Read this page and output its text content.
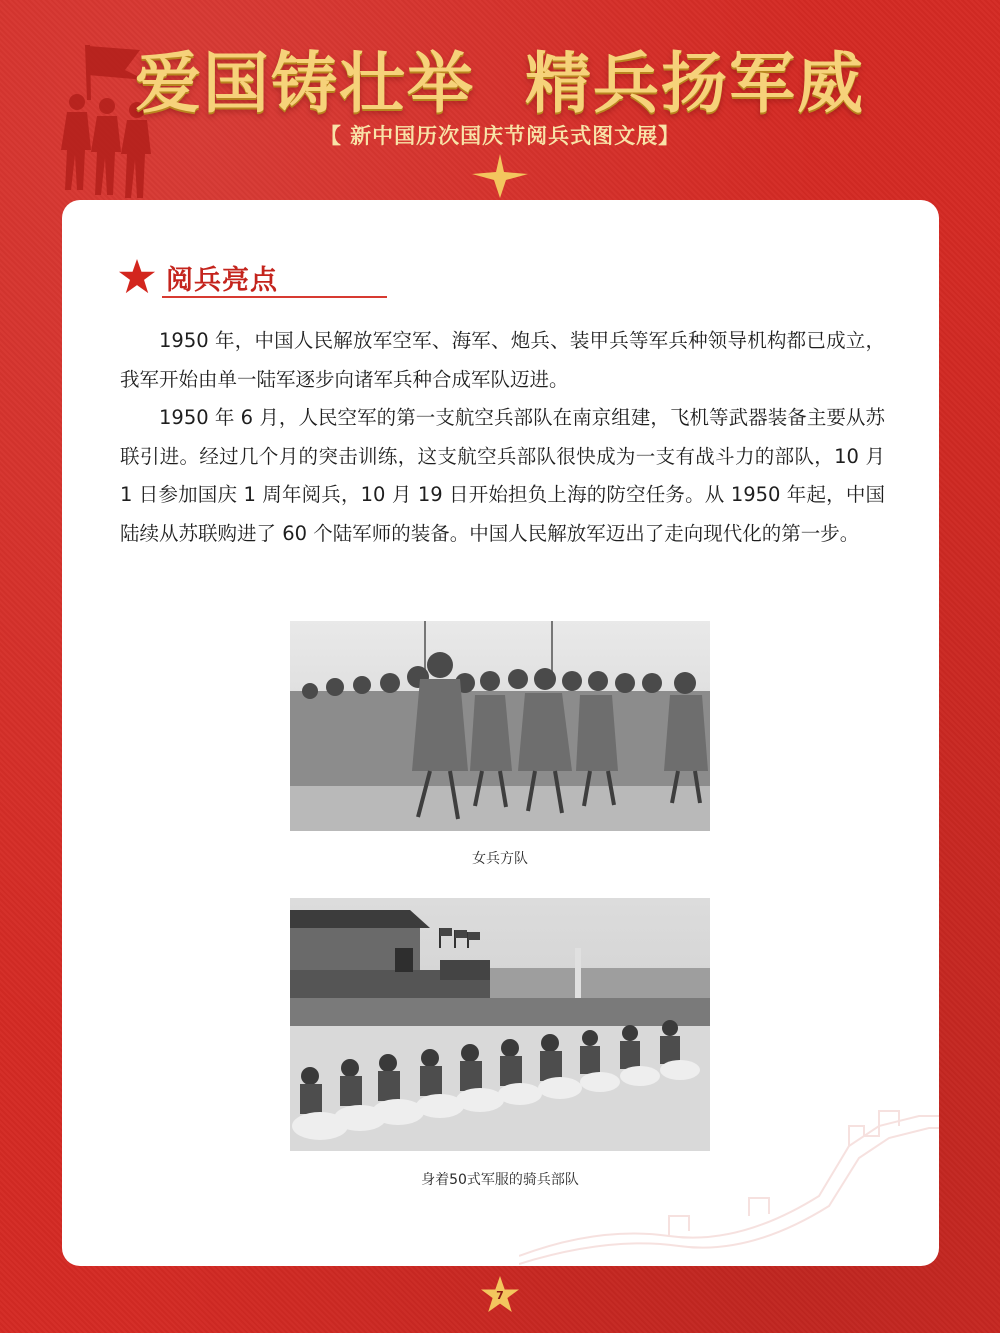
爱国铸壮举  精兵扬军威
【 新中国历次国庆节阅兵式图文展】
阅兵亮点

1950 年，中国人民解放军空军、海军、炮兵、装甲兵等军兵种领导机构都已成立，我军开始由单一陆军逐步向诸军兵种合成军队迈进。

1950 年 6 月，人民空军的第一支航空兵部队在南京组建，飞机等武器装备主要从苏联引进。经过几个月的突击训练，这支航空兵部队很快成为一支有战斗力的部队，10 月 1 日参加国庆 1 周年阅兵，10 月 19 日开始担负上海的防空任务。从 1950 年起，中国陆续从苏联购进了 60 个陆军师的装备。中国人民解放军迈出了走向现代化的第一步。

女兵方队
身着50式军服的骑兵部队
7
